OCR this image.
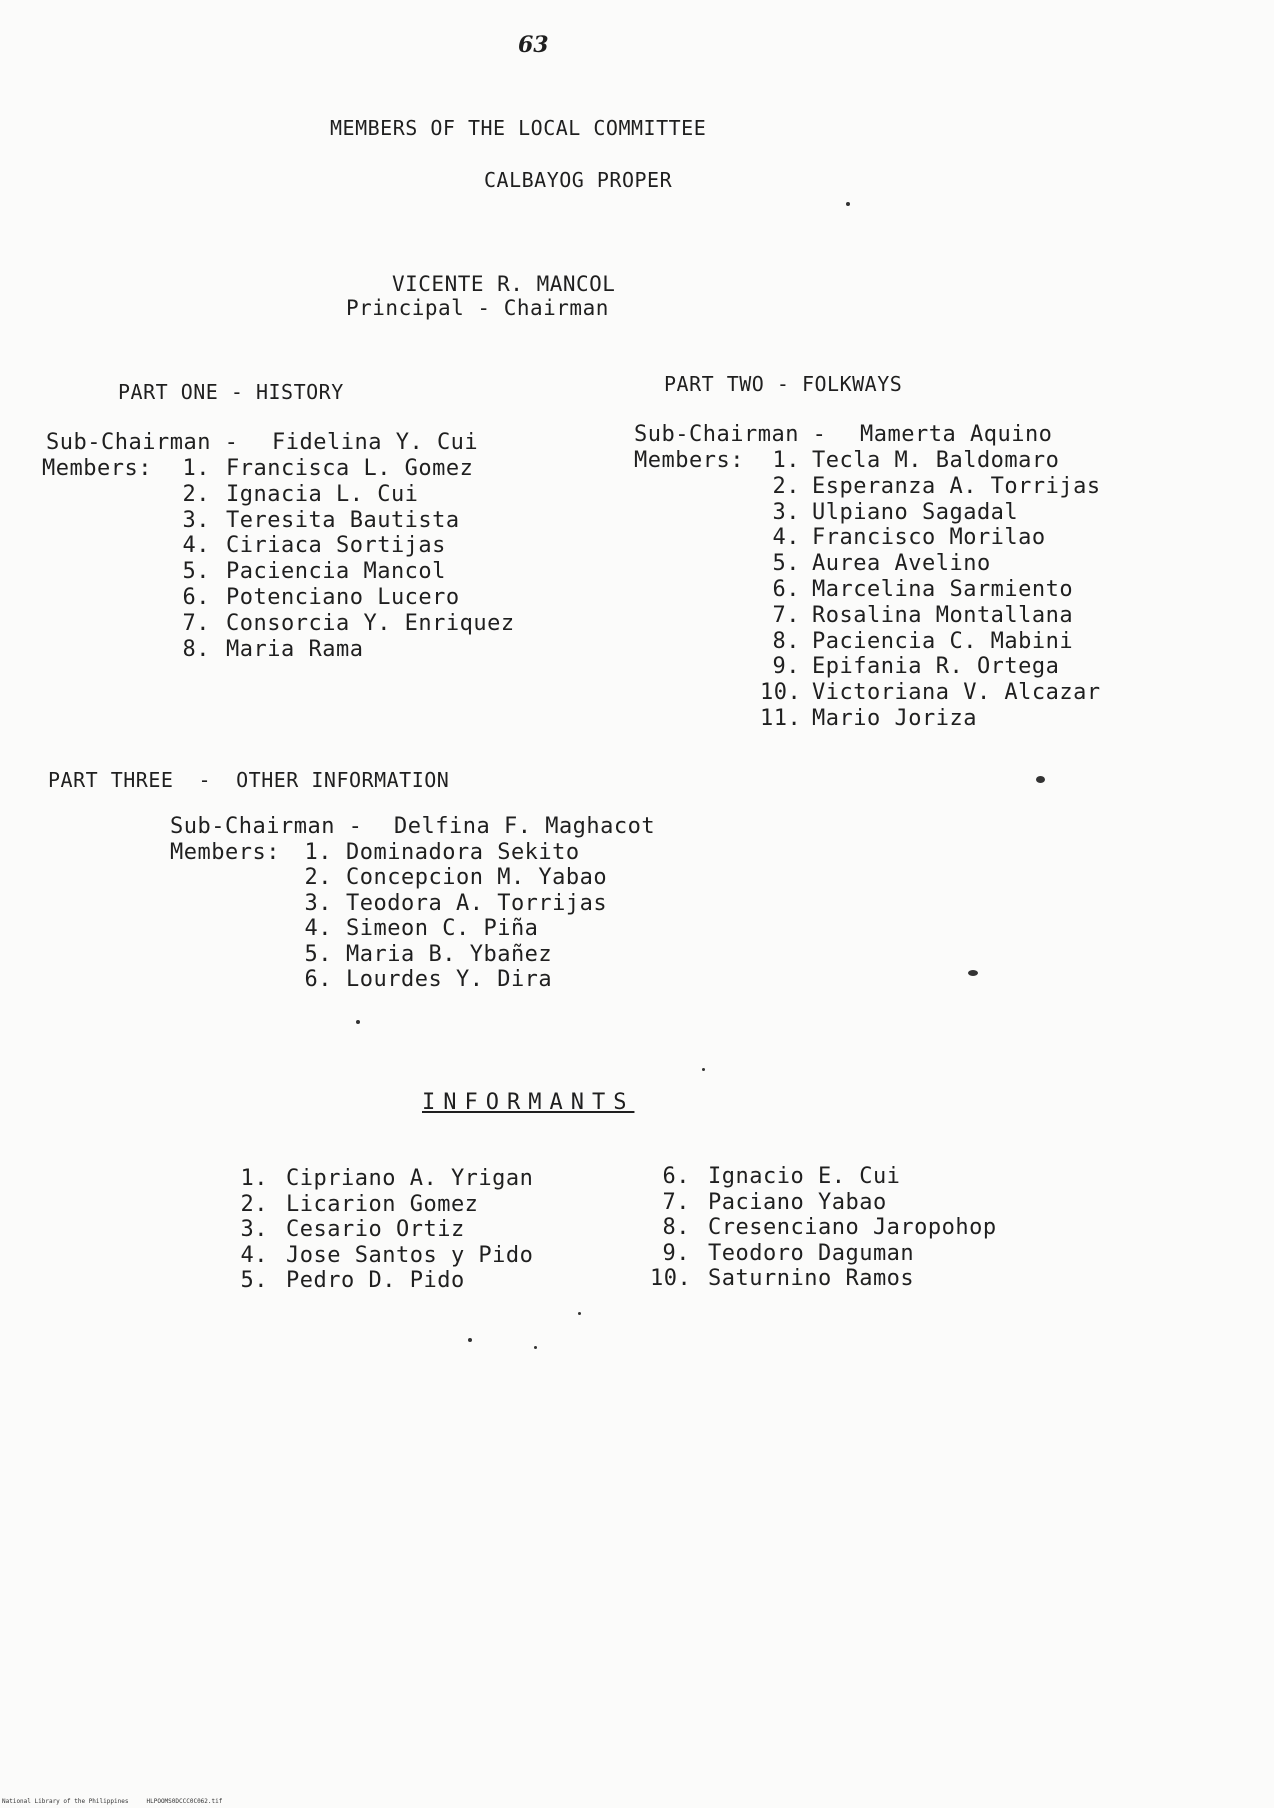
63
MEMBERS OF THE LOCAL COMMITTEE
CALBAYOG PROPER
VICENTE R. MANCOL
Principal - Chairman
PART ONE - HISTORY
Sub-Chairman - Fidelina Y. Cui
Members:	1. Francisca L. Gomez
2. Ignacia L. Cui
3. Teresita Bautista
4. Ciriaca Sortijas
5. Paciencia Mancol
6. Potenciano Lucero
7. Consorcia Y. Enriquez
8. Maria Rama
PART TWO - FOLKWAYS
Sub-Chairman - Mamerta Aquino
Members:	1. Tecla M. Baldomaro
2. Esperanza A. Torrijas
3. Ulpiano Sagadal
4. Francisco Morilao
5. Aurea Avelino
6. Marcelina Sarmiento
7. Rosalina Montallana
8. Paciencia C. Mabini
9. Epifania R. Ortega
10. Victoriana V. Alcazar
11. Mario Joriza
PART THREE  -  OTHER INFORMATION
Sub-Chairman - Delfina F. Maghacot
Members:	1. Dominadora Sekito
2. Concepcion M. Yabao
3. Teodora A. Torrijas
4. Simeon C. Piña
5. Maria B. Ybañez
6. Lourdes Y. Dira
INFORMANTS
1. Cipriano A. Yrigan
2. Licarion Gomez
3. Cesario Ortiz
4. Jose Santos y Pido
5. Pedro D. Pido
6. Ignacio E. Cui
7. Paciano Yabao
8. Cresenciano Jaropohop
9. Teodoro Daguman
10. Saturnino Ramos
National Library of the Philippines     HLPOOMS0DCCC0C062.tif
